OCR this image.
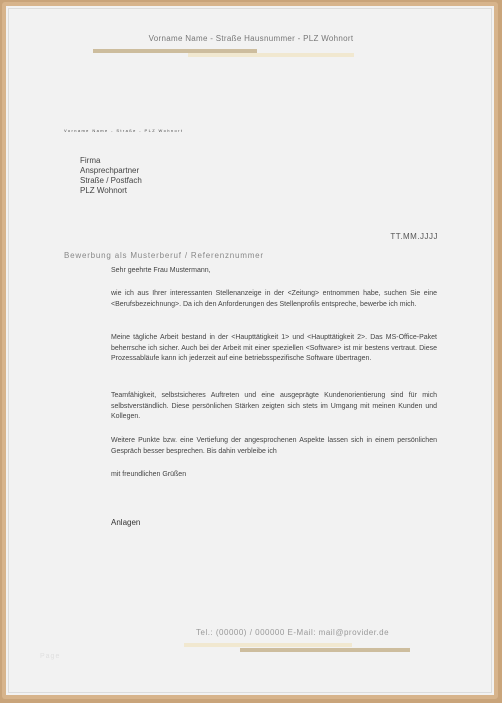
Vorname Name - Straße Hausnummer - PLZ Wohnort
Vorname Name - Straße - PLZ Wohnort
Firma
Ansprechpartner
Straße / Postfach
PLZ Wohnort
TT.MM.JJJJ
Bewerbung als Musterberuf / Referenznummer
Sehr geehrte Frau Mustermann,
wie ich aus Ihrer interessanten Stellenanzeige in der <Zeitung> entnommen habe, suchen Sie eine <Berufsbezeichnung>. Da ich den Anforderungen des Stellenprofils entspreche, bewerbe ich mich.
Meine tägliche Arbeit bestand in der <Haupttätigkeit 1> und <Haupttätigkeit 2>. Das MS-Office-Paket beherrsche ich sicher. Auch bei der Arbeit mit einer speziellen <Software> ist mir bestens vertraut. Diese Prozessabläufe kann ich jederzeit auf eine betriebsspezifische Software übertragen.
Teamfähigkeit, selbstsicheres Auftreten und eine ausgeprägte Kundenorientierung sind für mich selbstverständlich. Diese persönlichen Stärken zeigten sich stets im Umgang mit meinen Kunden und Kollegen.
Weitere Punkte bzw. eine Vertiefung der angesprochenen Aspekte lassen sich in einem persönlichen Gespräch besser besprechen. Bis dahin verbleibe ich
mit freundlichen Grüßen
Anlagen
Tel.: (00000) / 000000 E-Mail: mail@provider.de
Page
